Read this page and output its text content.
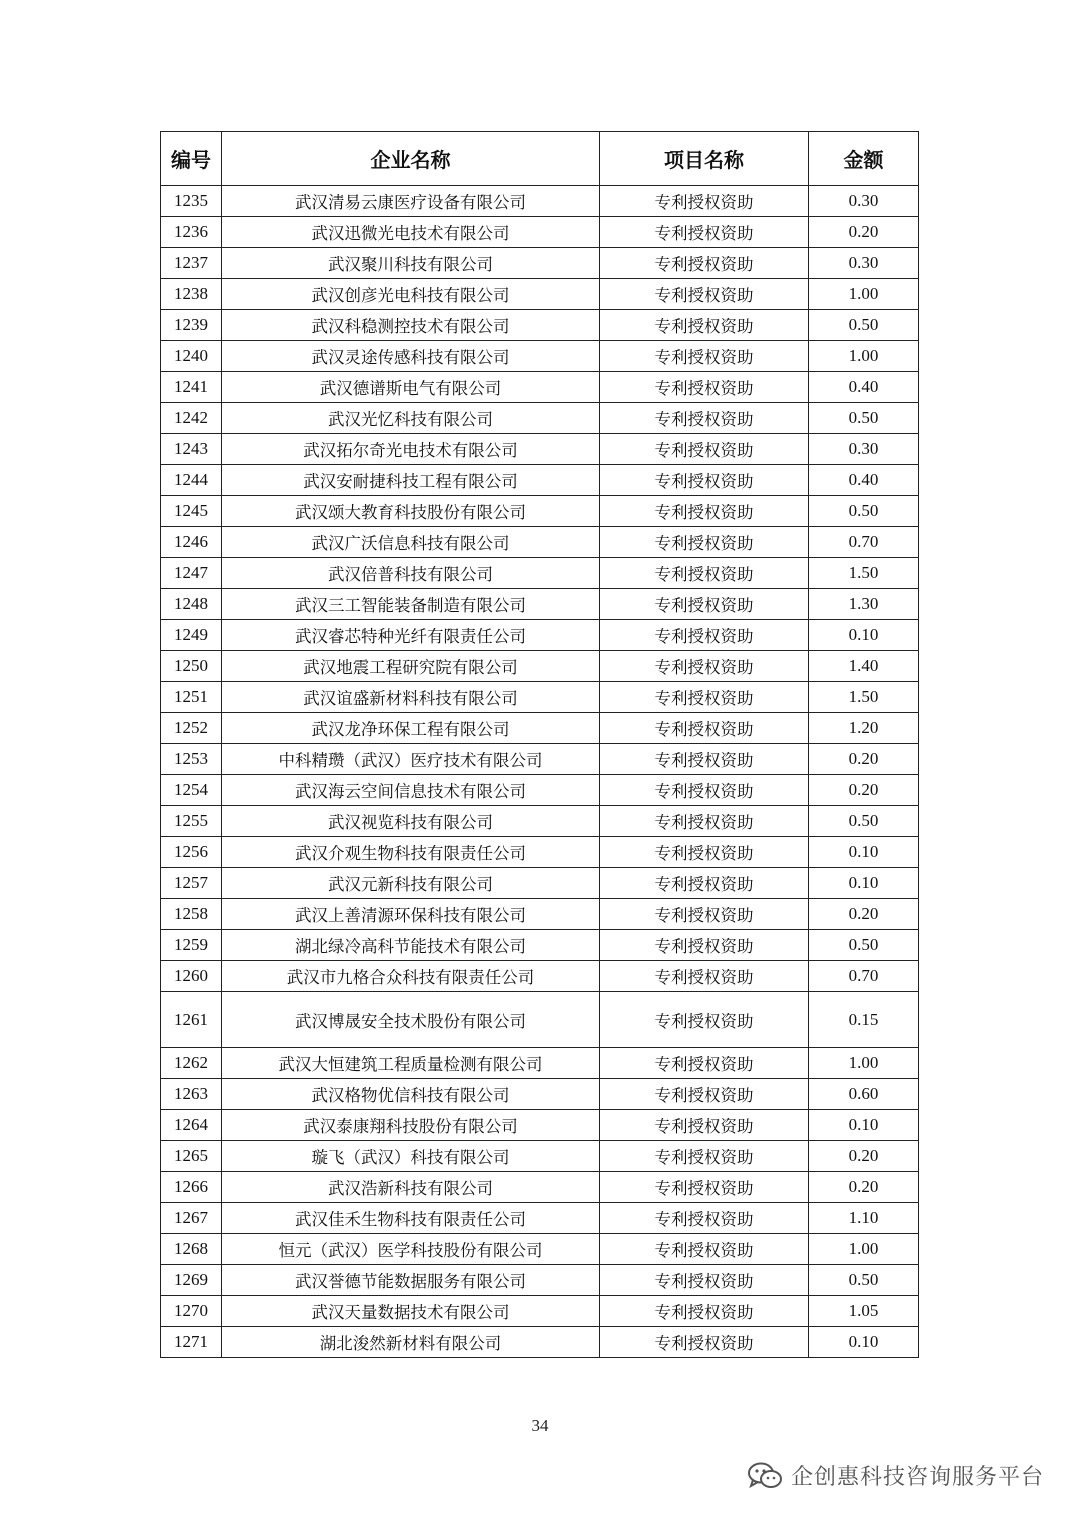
编号	企业名称	项目名称	金额
1235	武汉清易云康医疗设备有限公司	专利授权资助	0.30
1236	武汉迅微光电技术有限公司	专利授权资助	0.20
1237	武汉聚川科技有限公司	专利授权资助	0.30
1238	武汉创彦光电科技有限公司	专利授权资助	1.00
1239	武汉科稳测控技术有限公司	专利授权资助	0.50
1240	武汉灵途传感科技有限公司	专利授权资助	1.00
1241	武汉德谱斯电气有限公司	专利授权资助	0.40
1242	武汉光忆科技有限公司	专利授权资助	0.50
1243	武汉拓尔奇光电技术有限公司	专利授权资助	0.30
1244	武汉安耐捷科技工程有限公司	专利授权资助	0.40
1245	武汉颂大教育科技股份有限公司	专利授权资助	0.50
1246	武汉广沃信息科技有限公司	专利授权资助	0.70
1247	武汉倍普科技有限公司	专利授权资助	1.50
1248	武汉三工智能装备制造有限公司	专利授权资助	1.30
1249	武汉睿芯特种光纤有限责任公司	专利授权资助	0.10
1250	武汉地震工程研究院有限公司	专利授权资助	1.40
1251	武汉谊盛新材料科技有限公司	专利授权资助	1.50
1252	武汉龙净环保工程有限公司	专利授权资助	1.20
1253	中科精瓒（武汉）医疗技术有限公司	专利授权资助	0.20
1254	武汉海云空间信息技术有限公司	专利授权资助	0.20
1255	武汉视览科技有限公司	专利授权资助	0.50
1256	武汉介观生物科技有限责任公司	专利授权资助	0.10
1257	武汉元新科技有限公司	专利授权资助	0.10
1258	武汉上善清源环保科技有限公司	专利授权资助	0.20
1259	湖北绿冷高科节能技术有限公司	专利授权资助	0.50
1260	武汉市九格合众科技有限责任公司	专利授权资助	0.70
1261	武汉博晟安全技术股份有限公司	专利授权资助	0.15
1262	武汉大恒建筑工程质量检测有限公司	专利授权资助	1.00
1263	武汉格物优信科技有限公司	专利授权资助	0.60
1264	武汉泰康翔科技股份有限公司	专利授权资助	0.10
1265	璇飞（武汉）科技有限公司	专利授权资助	0.20
1266	武汉浩新科技有限公司	专利授权资助	0.20
1267	武汉佳禾生物科技有限责任公司	专利授权资助	1.10
1268	恒元（武汉）医学科技股份有限公司	专利授权资助	1.00
1269	武汉誉德节能数据服务有限公司	专利授权资助	0.50
1270	武汉天量数据技术有限公司	专利授权资助	1.05
1271	湖北浚然新材料有限公司	专利授权资助	0.10
34
企创惠科技咨询服务平台
